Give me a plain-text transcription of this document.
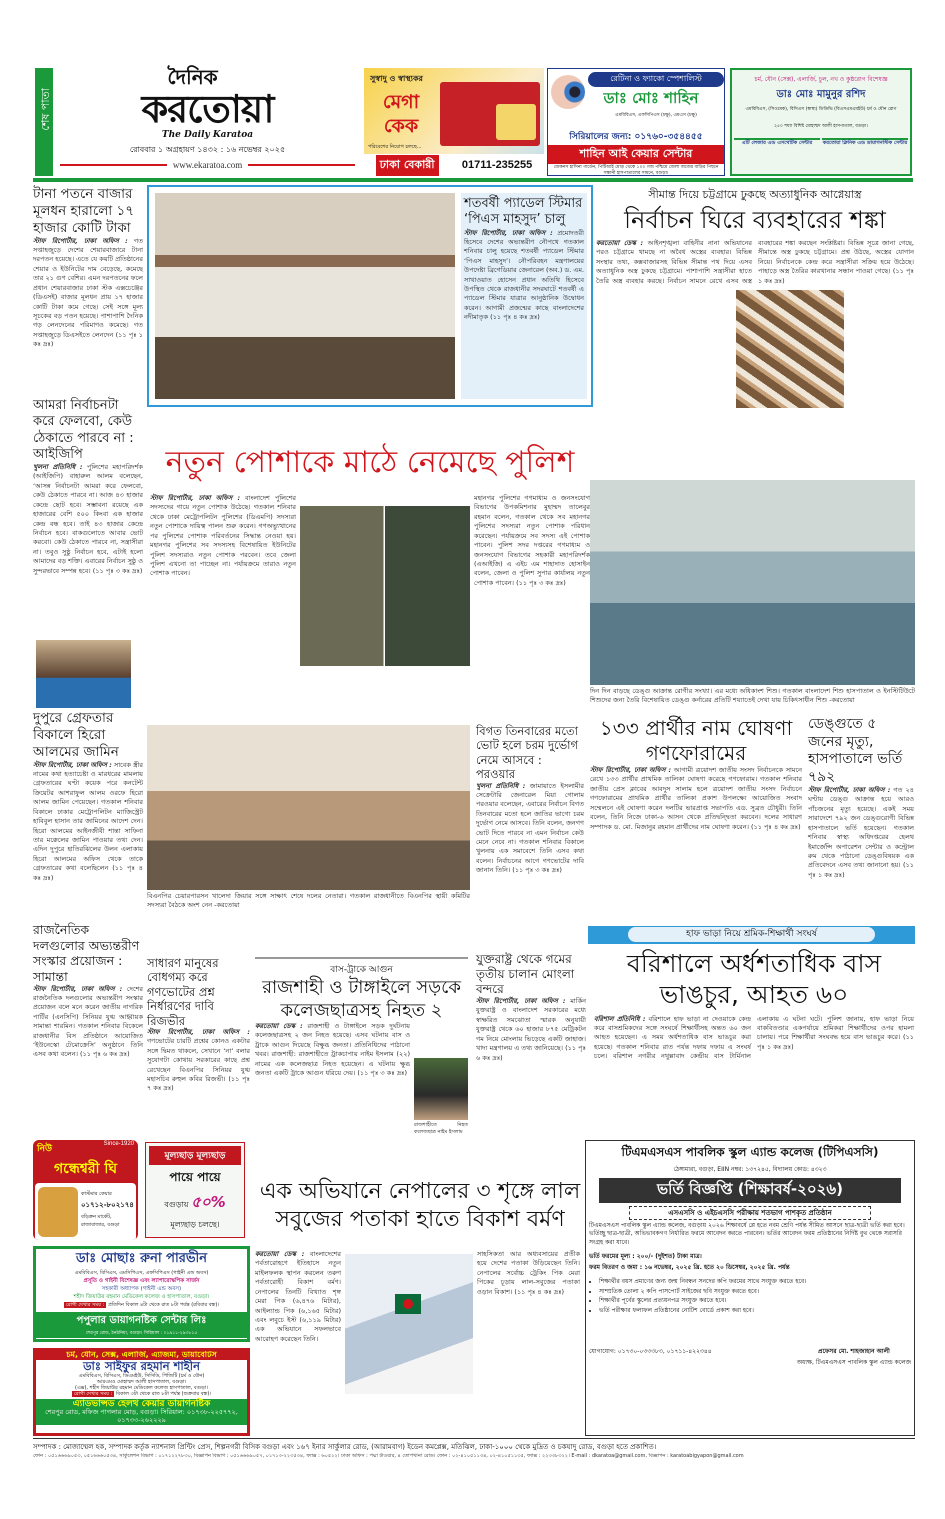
শেষ পাতা
দৈনিক
করতোয়া
The Daily Karatoa
রোববার ১ অগ্রহায়ণ ১৪৩২ : ১৬ নভেম্বর ২০২৫
www.ekaratoa.com
সুস্বাদু ও স্বাস্থ্যকর
মেগা কেক
পরিবেশের নিয়োগ চলছে...
ঢাকা বেকারী	01711-235255
রেটিনা ও ফ্যাকো স্পেশালিস্ট
ডাঃ মোঃ শাহিন
এমবিবিএস, এফসিপিএস (চক্ষু), এমএস (চক্ষু)
সিরিয়ালের জন্য: ০১৭৬০-৩৫৪৪৫৫
শাহিন আই কেয়ার সেন্টার
জেকনস হাসিনা গার্ডেন, পিটিআই মোড় থেকে ১০০ গজ পশ্চিমে জেলা জজের বাড়ির পিছনে সন্ধানী হাসপাতালের সামনে, বগুড়া।
চর্ম, যৌন (সেক্স), এলার্জি, চুল, নখ ও কুষ্ঠরোগ বিশেষজ্ঞ
ডাঃ মোঃ মামুনুর রশিদ
এমবিবিএস, (সিওমেক), বিসিএস (স্বাস্থ্য) ডিডিভি (বিএসএমএমইউ) চর্ম ও যৌন রোগ
২৫০ শয্যা বিশিষ্ট মোহাম্মদ আলী হাসপাতাল, বগুড়া।
এটি লেজার এন্ড এসথেটিক সেন্টার	করতোয়া ক্লিনিক এন্ড ডায়াগনস্টিক সেন্টার
টানা পতনে বাজার মূলধন হারালো ১৭ হাজার কোটি টাকা
স্টাফ রিপোর্টার, ঢাকা অফিস : গত সপ্তাহজুড়ে দেশের শেয়ারবাজারে টানা দরপতন হয়েছে। এতে যে কয়টি প্রতিষ্ঠানের শেয়ার ও ইউনিটের দাম বেড়েছে, কমেছে তার ২১ গুণ বেশির। এমন দরপতনের ফলে প্রধান শেয়ারবাজার ঢাকা স্টক এক্সচেঞ্জের (ডিএসই) বাজার মূলধন প্রায় ১৭ হাজার কোটি টাকা কমে গেছে। সেই সঙ্গে মূল্য সূচকের বড় পতন হয়েছে। পাশাপাশি দৈনিক গড় লেনদেনের পরিমাণও কমেছে। গত সপ্তাহজুড়ে ডিএসইতে লেনদেন (১১ পৃঃ ১ কঃ দ্রঃ)
আমরা নির্বাচনটা করে ফেলবো, কেউ ঠেকাতে পারবে না : আইজিপি
খুলনা প্রতিনিধি : পুলিশের মহাপরিদর্শক (আইজিপি) বাহারুল আলম বলেছেন, ‘আসন্ন নির্বাচনটা আমরা করে ফেলবো, কেউ ঠেকাতে পারবে না। আজ ৪৩ হাজার কেন্দ্রে ছোট হবে। সম্ভাবনা রয়েছে এক হাজারের বেশি ৫০০ কিংবা এক হাজার কেন্দ্র বন্ধ হবে। তাই ৪৩ হাজার কেন্দ্রে নির্বাচন হবে। বাকগুলোতে আবার ভোট করবো। কেউ ঠেকাতে পারবে না, সন্ত্রাসীরা না। তবুও সুষ্ঠু নির্বাচন হবে, এটাই হলো আমাদের বড় শক্তি। এবারের নির্বাচন সুষ্ঠু ও সুন্দরভাবে সম্পন্ন হবে। (১১ পৃঃ ৩ কঃ দ্রঃ)
দুপুরে গ্রেফতার বিকালে হিরো আলমের জামিন
স্টাফ রিপোর্টার, ঢাকা অফিস : সাবেক স্ত্রীর নামের কথা হত্যাচেষ্টা ও মারধরের মামলায় গ্রেফতারের ঘণ্টা কয়েক পরে কনটেন্ট ক্রিয়েটর আশরাফুল আলম ওরফে হিরো আলম জামিন পেয়েছেন। গতকাল শনিবার বিকালে ঢাকার মেট্রোপলিটন ম্যাজিস্ট্রেট হাবিবুল হাসান তার জামিনের আদেশ দেন। হিরো আলমের আইনজীবী শান্তা সাফিনা তার মক্কেলের জামিন পাওয়ার তথ্য দেন। এদিন দুপুরে হাতিরঝিলের উলন এলাকায় হিরো আলমের অফিস থেকে তাকে গ্রেফতারের কথা বলেছিলেন (১১ পৃঃ ৪ কঃ দ্রঃ)
রাজনৈতিক দলগুলোর অভ্যন্তরীণ সংস্কার প্রয়োজন : সামান্তা
স্টাফ রিপোর্টার, ঢাকা অফিস : দেশের রাজনৈতিক দলগুলোর অভ্যন্তরীণ সংস্কার প্রয়োজন বলে মনে করেন জাতীয় নাগরিক পার্টির (এনসিপি) সিনিয়র যুগ্ম আহ্বায়ক সামান্তা শারমিন। গতকাল শনিবার বিকেলে রাজধানীর বিস প্রতিষ্ঠানে আয়োজিত ‘ইউনেস্কো টেমোক্রেসি’ অনুষ্ঠানে তিনি এসব কথা বলেন। (১১ পৃঃ ৬ কঃ দ্রঃ)
শতবর্ষী প্যাডেল স্টিমার ‘পিএস মাহসুদ’ চালু
স্টাফ রিপোর্টার, ঢাকা অফিস : প্রমোদতরী হিসেবে দেশের অভ্যন্তরীণ নৌপথে গতকাল শনিবার চালু হয়েছে শতবর্ষী প্যাডেল স্টিমার ‘পিএস মাহসুদ’। নৌপরিবহন মন্ত্রণালয়ের উপদেষ্টা ব্রিগেডিয়ার জেনারেল (অব.) ড. এম. সাখাওয়াত হোসেন প্রধান অতিথি হিসেবে উপস্থিত থেকে রাজধানীর সদরঘাটে শতবর্ষী এ প্যাডেল স্টিমার যাত্রার আনুষ্ঠানিক উদ্বোধন করেন। আগামী প্রজন্মের কাছে বাংলাদেশের নদীমাতৃক (১১ পৃঃ ৪ কঃ দ্রঃ)
সীমান্ত দিয়ে চট্টগ্রামে ঢুকছে অত্যাধুনিক আগ্নেয়াস্ত্র
নির্বাচন ঘিরে ব্যবহারের শঙ্কা
করতোয়া ডেস্ক : আইনশৃঙ্খলা বাহিনীর নানা অভিযানের পরও চট্টগ্রামে থামছে না অবৈধ অস্ত্রের ব্যবহার। বিভিন্ন সংস্থার তথ্য, কক্সবাজারসহ বিভিন্ন সীমান্ত পথ দিয়ে এসব অত্যাধুনিক অস্ত্র ঢুকছে চট্টগ্রামে। পাশাপাশি সন্ত্রাসীরা হাতে তৈরি অস্ত্র ব্যবহার করছে। নির্বাচন সামনে রেখে এসব অস্ত্র ব্যবহারের শঙ্কা করছেন সংশ্লিষ্টরা। বিভিন্ন সূত্রে জানা গেছে, সীমান্তে অস্ত্র ঢুকছে চট্টগ্রামে। প্রশ্ন উঠছে, অস্ত্রের যোগান নিয়ে। নির্বাচনকে কেন্দ্র করে সন্ত্রাসীরা সক্রিয় হয়ে উঠেছে। পাহাড়ে অস্ত্র তৈরির কারখানার সন্ধান পাওয়া গেছে। (১১ পৃঃ ১ কঃ দ্রঃ)
নতুন পোশাকে মাঠে নেমেছে পুলিশ
স্টাফ রিপোর্টার, ঢাকা অফিস : বাংলাদেশ পুলিশের সদস্যদের গায়ে নতুন পোশাক উঠেছে। গতকাল শনিবার থেকে ঢাকা মেট্রোপলিটন পুলিশের (ডিএমপি) সদস্যরা নতুন পোশাকে দায়িত্ব পালন শুরু করেন। গণঅভ্যুত্থানের পর পুলিশের পোশাক পরিবর্তনের সিদ্ধান্ত নেওয়া হয়। মহানগর পুলিশের সব সদস্যসহ বিশেষায়িত ইউনিটের পুলিশ সদস্যরাও নতুন পোশাক পরবেন। তবে জেলা পুলিশ এখনো তা পাচ্ছেন না। পর্যায়ক্রমে তারাও নতুন পোশাক পাবেন।
মহানগর পুলিশের গণমাধ্যম ও জনসংযোগ বিভাগের উপকমিশনার মুহাম্মদ তালেবুর রহমান বলেন, গতকাল থেকে সব মহানগর পুলিশের সদস্যরা নতুন পোশাক পরিধান করেছেন। পর্যায়ক্রমে সব সদস্য এই পোশাক পাবেন। পুলিশ সদর দপ্তরের গণমাধ্যম ও জনসংযোগ বিভাগের সহকারী মহাপরিদর্শক (এআইজি) এ এইচ এম শাহাদাত হোসাইন বলেন, জেলা ও পুলিশ সুপার কার্যালয় নতুন পোশাক পাবেন। (১১ পৃঃ ৩ কঃ দ্রঃ)
দিন দিন বাড়ছে ডেঙ্গু আক্রান্ত রোগীর সংখ্যা। এর মধ্যে অধিকাংশ শিশু। গতকাল বাংলাদেশ শিশু হাসপাতাল ও ইনস্টিটিউটে শিশুদের জন্য তৈরি বিশেষায়িত ডেঙ্গু কর্নারের প্রতিটি শয্যাতেই দেখা যায় চিকিৎসাধীন শিশু -করতোয়া
বিএনপির চেয়ারপারসন খালেদা জিয়ার সঙ্গে সাক্ষাৎ শেষে দলের নেতারা। গতকাল রাজধানীতে বিএনপির স্থায়ী কমিটির সদস্যরা বৈঠকে অংশ নেন -করতোয়া
বিগত তিনবারের মতো ভোট হলে চরম দুর্ভোগ নেমে আসবে : পরওয়ার
খুলনা প্রতিনিধি : জামায়াতে ইসলামীর সেক্রেটারি জেনারেল মিয়া গোলাম পরওয়ার বলেছেন, এবারের নির্বাচন বিগত তিনবারের মতো হলে জাতির ভাগ্যে চরম দুর্ভোগ নেমে আসবে। তিনি বলেন, জনগণ ভোট দিতে পারবে না এমন নির্বাচন কেউ মেনে নেবে না। গতকাল শনিবার বিকালে খুলনায় এক সমাবেশে তিনি এসব কথা বলেন। নির্বাচনের আগে গণভোটের দাবি জানান তিনি। (১১ পৃঃ ৩ কঃ দ্রঃ)
১৩৩ প্রার্থীর নাম ঘোষণা গণফোরামের
স্টাফ রিপোর্টার, ঢাকা অফিস : আগামী ত্রয়োদশ জাতীয় সংসদ নির্বাচনকে সামনে রেখে ১৩৩ প্রার্থীর প্রাথমিক তালিকা ঘোষণা করেছে গণফোরাম। গতকাল শনিবার জাতীয় প্রেস ক্লাবের আবদুস সালাম হলে ত্রয়োদশ জাতীয় সংসদ নির্বাচনে গণফোরামের প্রাথমিক প্রার্থীর তালিকা প্রকাশ উপলক্ষ্যে আয়োজিত সংবাদ সম্মেলনে এই ঘোষণা করেন দলটির ভারপ্রাপ্ত সভাপতি এড. সুব্রত চৌধুরী। তিনি বলেন, তিনি নিজে ঢাকা-৬ আসন থেকে প্রতিদ্বন্দ্বিতা করবেন। দলের সাধারণ সম্পাদক ড. মো. মিজানুর রহমান প্রার্থীদের নাম ঘোষণা করেন। (১১ পৃঃ ৪ কঃ দ্রঃ)
ডেঙ্গুতে ৫ জনের মৃত্যু, হাসপাতালে ভর্তি ৭৯২
স্টাফ রিপোর্টার, ঢাকা অফিস : গত ২৪ ঘণ্টায় ডেঙ্গু আক্রান্ত হয়ে আরও পাঁচজনের মৃত্যু হয়েছে। একই সময় সারাদেশে ৭৯২ জন ডেঙ্গুরোগী বিভিন্ন হাসপাতালে ভর্তি হয়েছেন। গতকাল শনিবার স্বাস্থ্য অধিদপ্তরের হেলথ ইমার্জেন্সি অপারেশন সেন্টার ও কন্ট্রোল রুম থেকে পাঠানো ডেঙ্গুবিষয়ক এক প্রতিবেদনে এসব তথ্য জানানো হয়। (১১ পৃঃ ১ কঃ দ্রঃ)
হাফ ভাড়া নিয়ে শ্রমিক-শিক্ষার্থী সংঘর্ষ
বরিশালে অর্ধশতাধিক বাস ভাঙচুর, আহত ৬০
বরিশাল প্রতিনিধি : বরিশালে হাফ ভাড়া না দেওয়াকে কেন্দ্র করে বাসশ্রমিকদের সঙ্গে সংঘর্ষে শিক্ষার্থীসহ অন্তত ৬০ জন আহত হয়েছেন। এ সময় অর্ধশতাধিক বাস ভাঙচুর করা হয়েছে। গতকাল শনিবার রাত পর্যন্ত দফায় দফায় এ সংঘর্ষ চলে। বরিশাল নগরীর নথুল্লাবাদ কেন্দ্রীয় বাস টার্মিনাল এলাকায় এ ঘটনা ঘটে। পুলিশ জানায়, হাফ ভাড়া নিয়ে বাকবিতণ্ডার একপর্যায়ে শ্রমিকরা শিক্ষার্থীদের ওপর হামলা চালায়। পরে শিক্ষার্থীরা সংঘবদ্ধ হয়ে বাস ভাঙচুর করে। (১১ পৃঃ ১ কঃ দ্রঃ)
সাধারণ মানুষের বোধগম্য করে গণভোটের প্রশ্ন নির্ধারণের দাবি রিজভীর
স্টাফ রিপোর্টার, ঢাকা অফিস : গণভোটের চারটি প্রশ্নের কোনও একটার সঙ্গে দ্বিমত থাকলে, সেখানে ‘না’ বলার সুযোগটা কোথায় সরকারের কাছে প্রশ্ন রেখেছেন বিএনপির সিনিয়র যুগ্ম মহাসচিব রুহুল কবির রিজভী। (১১ পৃঃ ৭ কঃ দ্রঃ)
বাস-ট্রাকে আগুন
রাজশাহী ও টাঙ্গাইলে সড়কে কলেজছাত্রসহ নিহত ২
করতোয়া ডেস্ক : রাজশাহী ও টাঙ্গাইলে সড়ক দুর্ঘটনায় কলেজছাত্রসহ ২ জন নিহত হয়েছে। এসব ঘটনায় বাস ও ট্রাকে আগুন দিয়েছে বিক্ষুব্ধ জনতা। প্রতিনিধিদের পাঠানো খবর। রাজশাহী: রাজশাহীতে ট্রাকচাপায় নাইম ইসলাম (২২) নামের এক কলেজছাত্র নিহত হয়েছেন। এ ঘটনায় ক্ষুব্ধ জনতা একটি ট্রাকে আগুন ধরিয়ে দেয়। (১১ পৃঃ ৩ কঃ দ্রঃ)
রাজশাহীতে নিহত কলেজছাত্র নাইম ইসলাম
যুক্তরাষ্ট্র থেকে গমের তৃতীয় চালান মোংলা বন্দরে
স্টাফ রিপোর্টার, ঢাকা অফিস : মার্কিন যুক্তরাষ্ট্র ও বাংলাদেশ সরকারের মধ্যে স্বাক্ষরিত সমঝোতা স্মারক অনুযায়ী যুক্তরাষ্ট্র থেকে ৬০ হাজার ৮৭৫ মেট্রিকটন গম নিয়ে মোংলায় ভিড়েছে একটি জাহাজ। খাদ্য মন্ত্রণালয় এ তথ্য জানিয়েছে। (১১ পৃঃ ৬ কঃ দ্রঃ)
নিউ	Since-1920
গন্ধেশ্বরী ঘি
কাস্টমার কেয়ার
০১৭১২-৮০২১৭৪
বড়িক্রন মার্কেট, রাজাবাজার, বগুড়া
মূল্যছাড় মূল্যছাড়
পায়ে পায়ে
বগুড়ায় ৫০%
মূল্যছাড় চলছে।
ডাঃ মোছাঃ রুনা পারভীন
এমবিবিএস, বিসিএস, এমসিপিএস, এফসিপিএস (গাইনী এন্ড অবস)
প্রসূতি ও গাইনী বিশেষজ্ঞ এবং ল্যাপারোস্কপিক সার্জন
সহকারী অধ্যাপক (গাইনী এন্ড অবস)
শহীদ জিয়াউর রহমান মেডিকেল কলেজ ও হাসপাতাল, বগুড়া।
রোগী দেখার সময় : প্রতিদিন বিকাল ৪টা থেকে রাত ৮টা পর্যন্ত (রবিবার বন্ধ)।
পপুলার ডায়াগনষ্টিক সেন্টার লিঃ
শেরপুর রোড, ঠনঠনিয়া, বগুড়া। সিরিয়াল : ০১৯১১-২৯৩৮১৫
চর্ম, যৌন, সেক্স, এলার্জি, এ্যাজমা, ডায়াবেটিস
ডাঃ সাইফুর রহমান শাহীন
এমবিবিএস, বিসিএস, ডিএমইউ, সিসিডি, পিজিটি (চর্ম ও যৌন)
আরএমও মোহাম্মদ আলী হাসপাতাল, বগুড়া।
(এক্স), শহীদ জিয়াউর রহমান মেডিকেল কলেজ হাসপাতাল, বগুড়া।
রোগী দেখার সময় : বিকাল ৩টা থেকে রাত ৮টা পর্যন্ত (শুক্রবার বন্ধ)।
এ্যাডভান্সড হেলথ কেয়ার ডায়াগনষ্টিক
শেরপুর রোড, মফিজ পাগলার মোড়, বগুড়া। সিরিয়াল: ০১৭৩৮-২২৫৭৭২, ০১৭৩৩-২৬২২২৯
এক অভিযানে নেপালের ৩ শৃঙ্গে লাল সবুজের পতাকা হাতে বিকাশ বর্মণ
করতোয়া ডেস্ক : বাংলাদেশের পর্বতারোহণে ইতিহাসে নতুন মাইলফলক স্থাপন করলেন তরুণ পর্বতারোহী বিকাশ বর্মণ। নেপালের তিনটি বিখ্যাত শৃঙ্গ মেরা পিক (৬,৪৭৬ মিটার), আইল্যান্ড পিক (৬,১৬৫ মিটার) এবং লবুচে ইস্ট (৬,১১৯ মিটার) এক অভিযানে সফলভাবে আরোহণ করেছেন তিনি।
সাহসিকতা আর অধ্যবসায়ের প্রতীক হয়ে দেশের পতাকা উড়িয়েছেন তিনি। নেপালের সর্বোচ্চ ট্রেকিং পিক মেরা পিকের চূড়ায় লাল-সবুজের পতাকা ওড়ান বিকাশ। (১১ পৃঃ ৪ কঃ দ্রঃ)
টিএমএসএস পাবলিক স্কুল এ্যান্ড কলেজ (টিপিএসসি)
ঠেঙ্গামারা, বগুড়া, EIIN নম্বর: ১৩৭২৪৫, বিদ্যালয় কোড: ৪৩২৩
ভর্তি বিজ্ঞপ্তি (শিক্ষাবর্ষ-২০২৬)
এসএসসি ও এইচএসসি পরীক্ষায় শতভাগ পাশকৃত প্রতিষ্ঠান
টিএমএসএস পাবলিক স্কুল এ্যান্ড কলেজ, বগুড়ায় ২০২৬ শিক্ষাবর্ষে প্লে হতে নবম শ্রেণি পর্যন্ত সীমিত আসনে ছাত্র-ছাত্রী ভর্তি করা হবে। ভর্তিচ্ছু ছাত্র-ছাত্রী, অভিভাবকগণ নির্ধারিত ফরমে আবেদন করতে পারবেন। ভর্তির আবেদন ফরম প্রতিষ্ঠানের নির্দিষ্ট বুথ থেকে সরাসরি সংগ্রহ করা যাবে।
ভর্তি ফরমের মূল্য : ২০০/- (দুইশত) টাকা মাত্র।
ফরম বিতরণ ও জমা : ১৬ নভেম্বর, ২০২৫ খ্রি. হতে ২০ ডিসেম্বর, ২০২৫ খ্রি. পর্যন্ত
• শিক্ষার্থীর বয়স প্রমাণের জন্য জন্ম নিবন্ধন সনদের কপি ফরমের সাথে সংযুক্ত করতে হবে।
• সাম্প্রতিক তোলা ২ কপি পাসপোর্ট সাইজের ছবি সংযুক্ত করতে হবে।
• শিক্ষার্থীর পূর্বের স্কুলের প্রত্যয়নপত্র সংযুক্ত করতে হবে।
• ভর্তি পরীক্ষার ফলাফল প্রতিষ্ঠানের নোটিশ বোর্ডে প্রকাশ করা হবে।
যোগাযোগ: ০১৭৩০-০৩৩৩৮৩, ০১৭১১-৪২২৩৪৪	প্রফেসর মো. শাহজাহান আলী
অধ্যক্ষ, টিএমএসএস পাবলিক স্কুল এ্যান্ড কলেজ
সম্পাদক : মোজাম্মেল হক, সম্পাদক কর্তৃক ন্যাশনাল প্রিন্টিং প্রেস, শিল্পনগরী বিসিক বগুড়া এবং ১৬৭ ইনার সার্কুলার রোড, (আরামবাগ) ইডেন কমপ্লেক্স, মতিঝিল, ঢাকা-১০০০ থেকে মুদ্রিত ও চকযাদু রোড, বগুড়া হতে প্রকাশিত।
ফোন : ০৫১৬৬৬৯০৫৩, ০৫১৬৬৬০৫৩৪, সার্কুলেশন বিভাগ : ০১৭১২২৭৮৩০, বিজ্ঞাপন বিভাগ : ০৫১৬৬৬৯০৫৭, ০১৭১৩-২২৩৫৩৪, ফ্যাক্স : ৬০৫২২। ঢাকা অফিস : পদ্মা টাওয়ার, ৪ তোপখানা রোড। ফোন : ০২-৪১০৫১১৩৪, ০২-৪১০৫১১৩৫, ফ্যাক্স : ২২৩৩৮৩২২। E-mail : dkaratoa@gmail.com, বিজ্ঞাপন : karatoabigyapon@gmail.com
